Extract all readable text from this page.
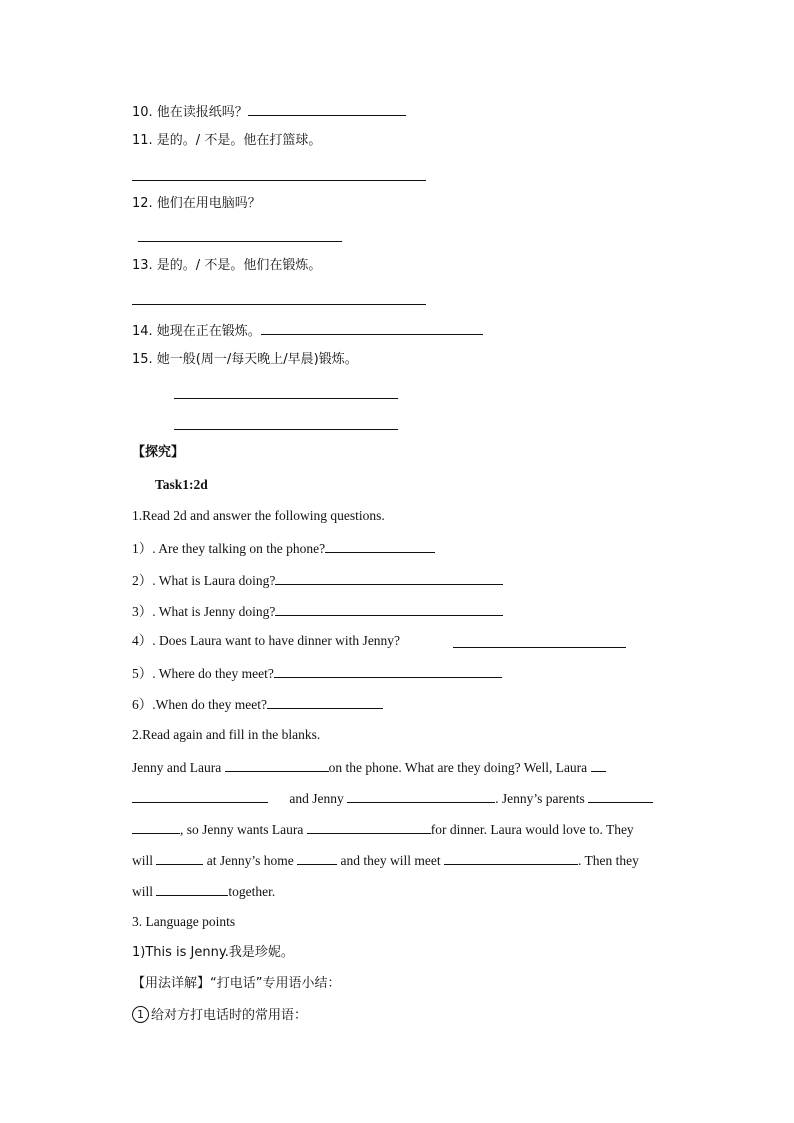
10. 他在读报纸吗？
11. 是的。/ 不是。他在打篮球。
12. 他们在用电脑吗？
13. 是的。/ 不是。他们在锻炼。
14. 她现在正在锻炼。
15. 她一般(周一/每天晚上/早晨)锻炼。
【探究】
Task1:2d
1.Read 2d and answer the following questions.
1）. Are they talking on the phone?
2）. What is Laura doing?
3）. What is Jenny doing?
4）. Does Laura want to have dinner with Jenny?
5）. Where do they meet?
6）.When do they meet?
2.Read again and fill in the blanks.
Jenny and Laura	on the phone. What are they doing? Well, Laura
and Jenny	. Jenny’s parents
, so Jenny wants Laura	for dinner. Laura would love to. They
will	at Jenny’s home	and they will meet	. Then they
will	together.
3. Language points
1)This is Jenny.我是珍妮。
【用法详解】“打电话”专用语小结：
1 给对方打电话时的常用语：
